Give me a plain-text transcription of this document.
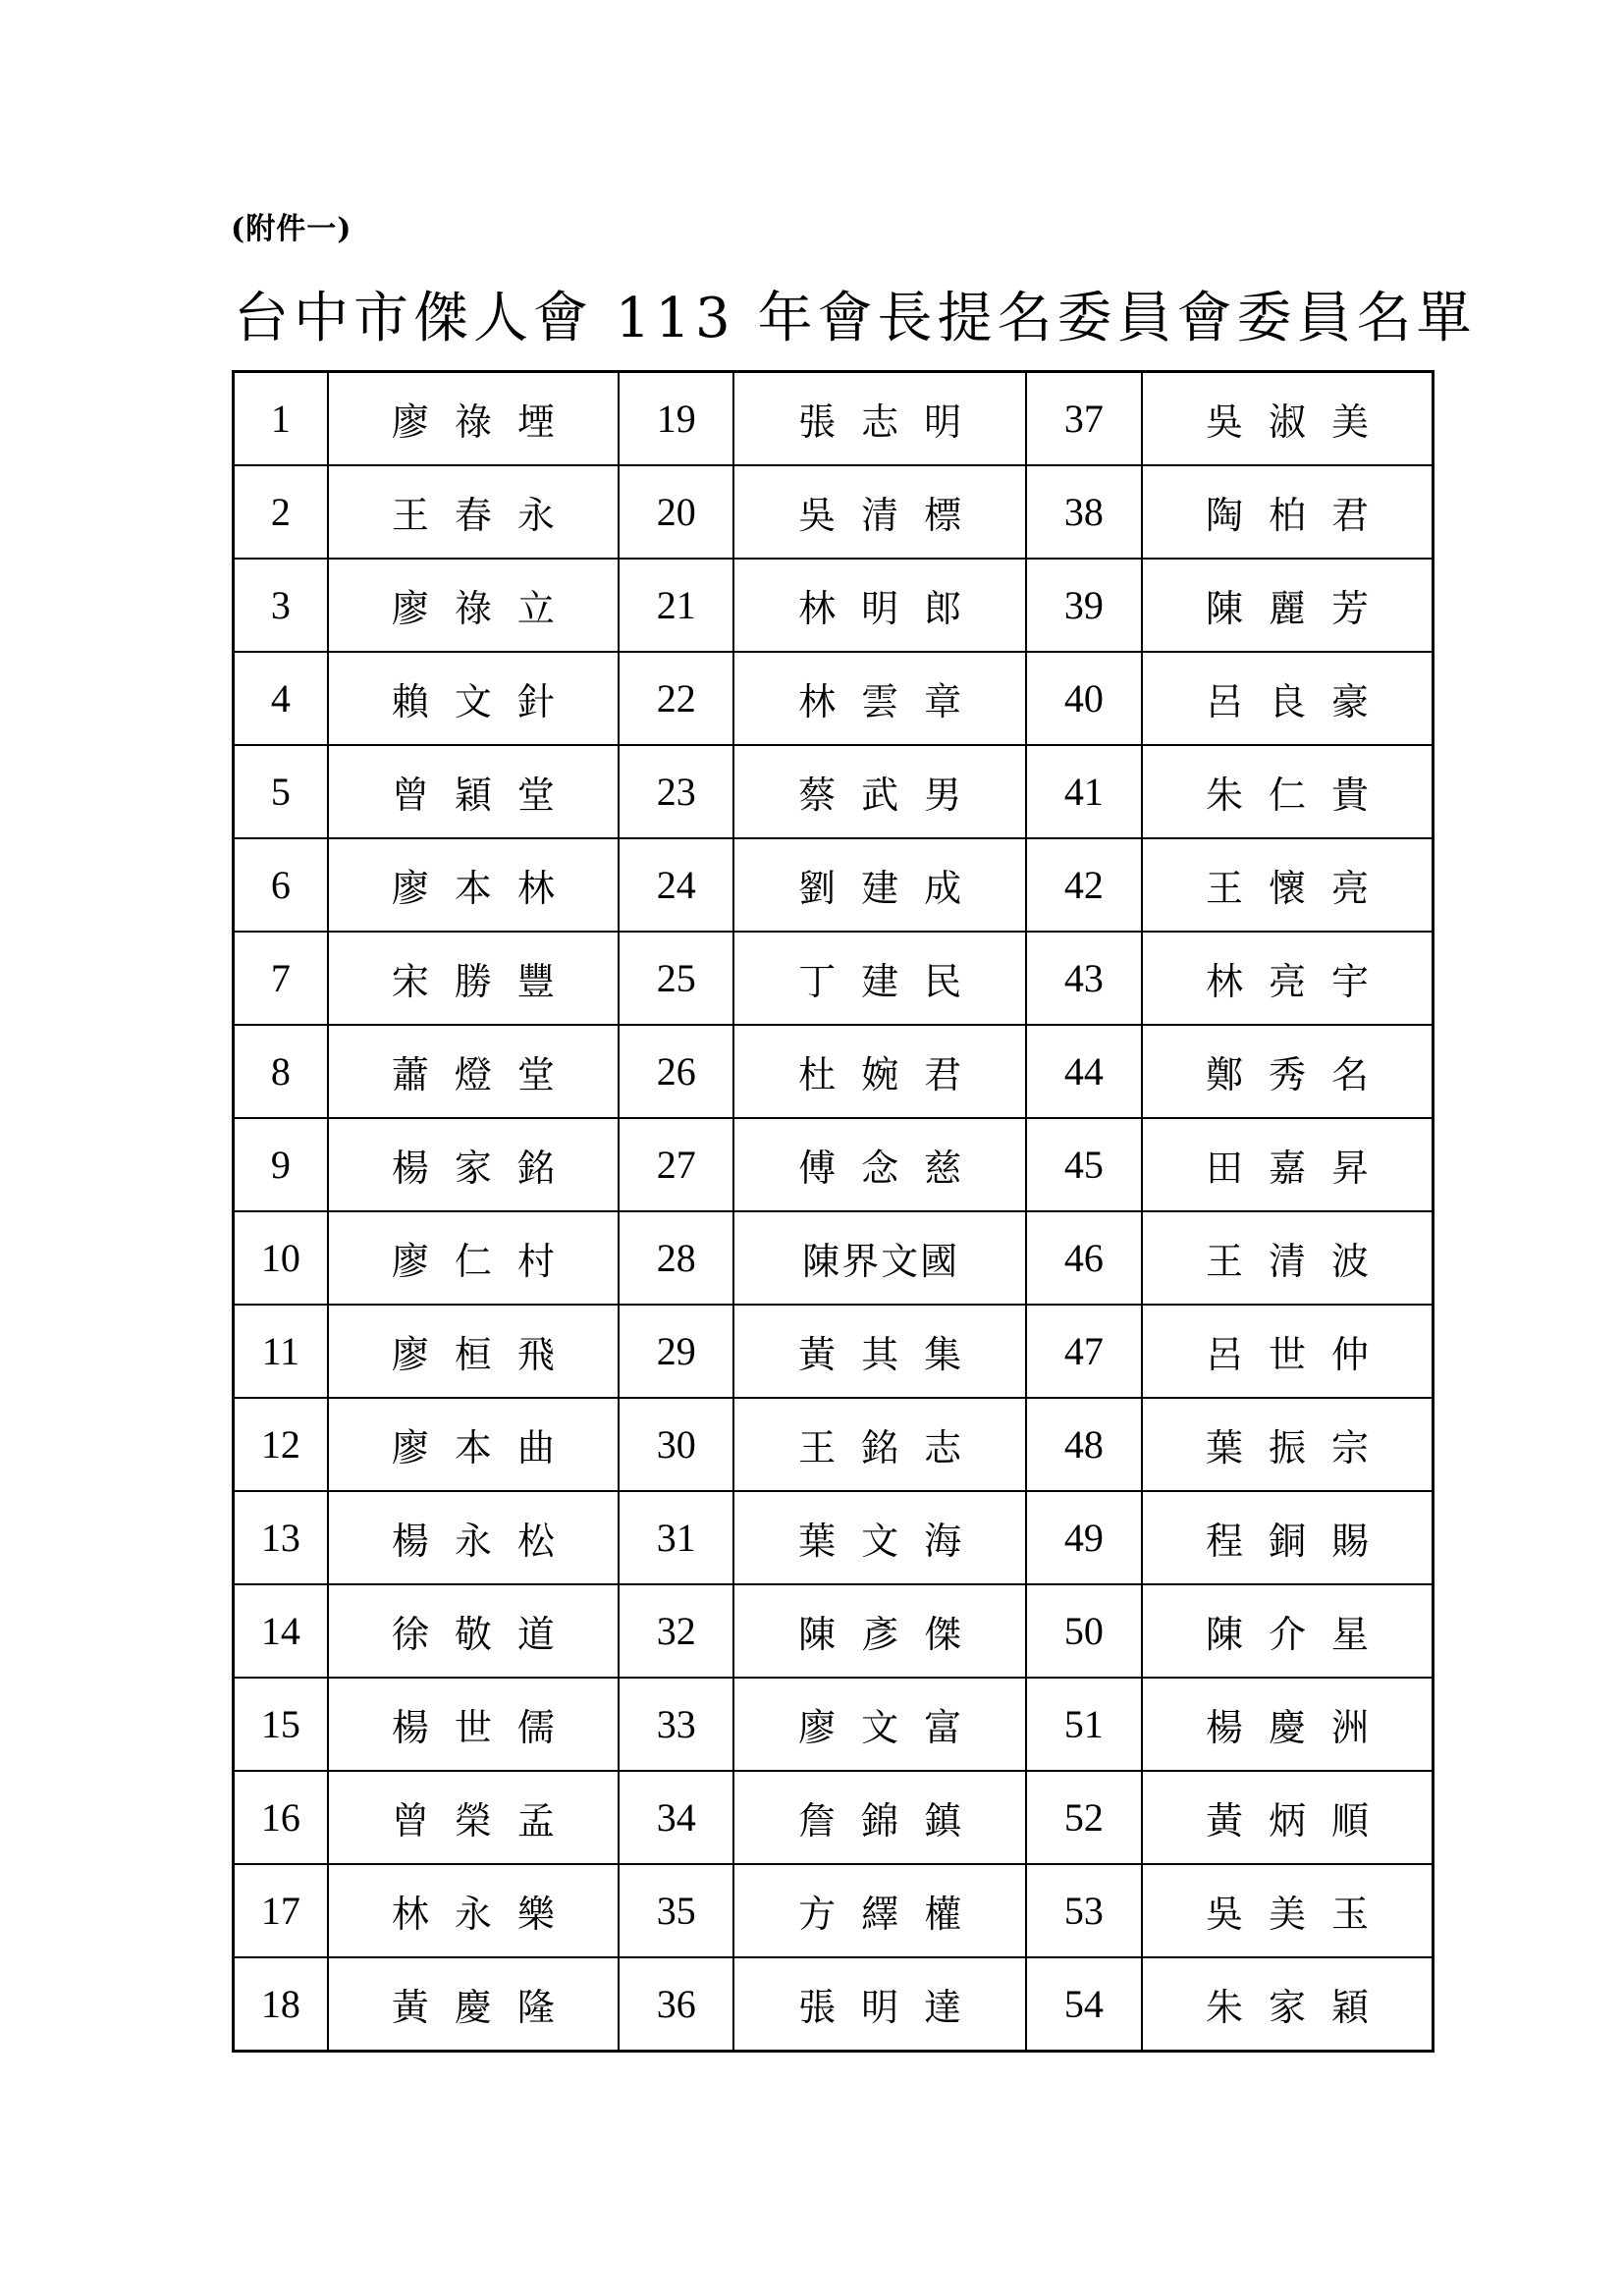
(附件一)
台中市傑人會 113 年會長提名委員會委員名單
1	廖祿堙	19	張志明	37	吳淑美
2	王春永	20	吳清標	38	陶柏君
3	廖祿立	21	林明郎	39	陳麗芳
4	賴文針	22	林雲章	40	呂良豪
5	曾穎堂	23	蔡武男	41	朱仁貴
6	廖本林	24	劉建成	42	王懷亮
7	宋勝豐	25	丁建民	43	林亮宇
8	蕭燈堂	26	杜婉君	44	鄭秀名
9	楊家銘	27	傅念慈	45	田嘉昇
10	廖仁村	28	陳界文國	46	王清波
11	廖桓飛	29	黃其集	47	呂世仲
12	廖本曲	30	王銘志	48	葉振宗
13	楊永松	31	葉文海	49	程銅賜
14	徐敬道	32	陳彥傑	50	陳介星
15	楊世儒	33	廖文富	51	楊慶洲
16	曾榮孟	34	詹錦鎮	52	黃炳順
17	林永樂	35	方繹權	53	吳美玉
18	黃慶隆	36	張明達	54	朱家穎
